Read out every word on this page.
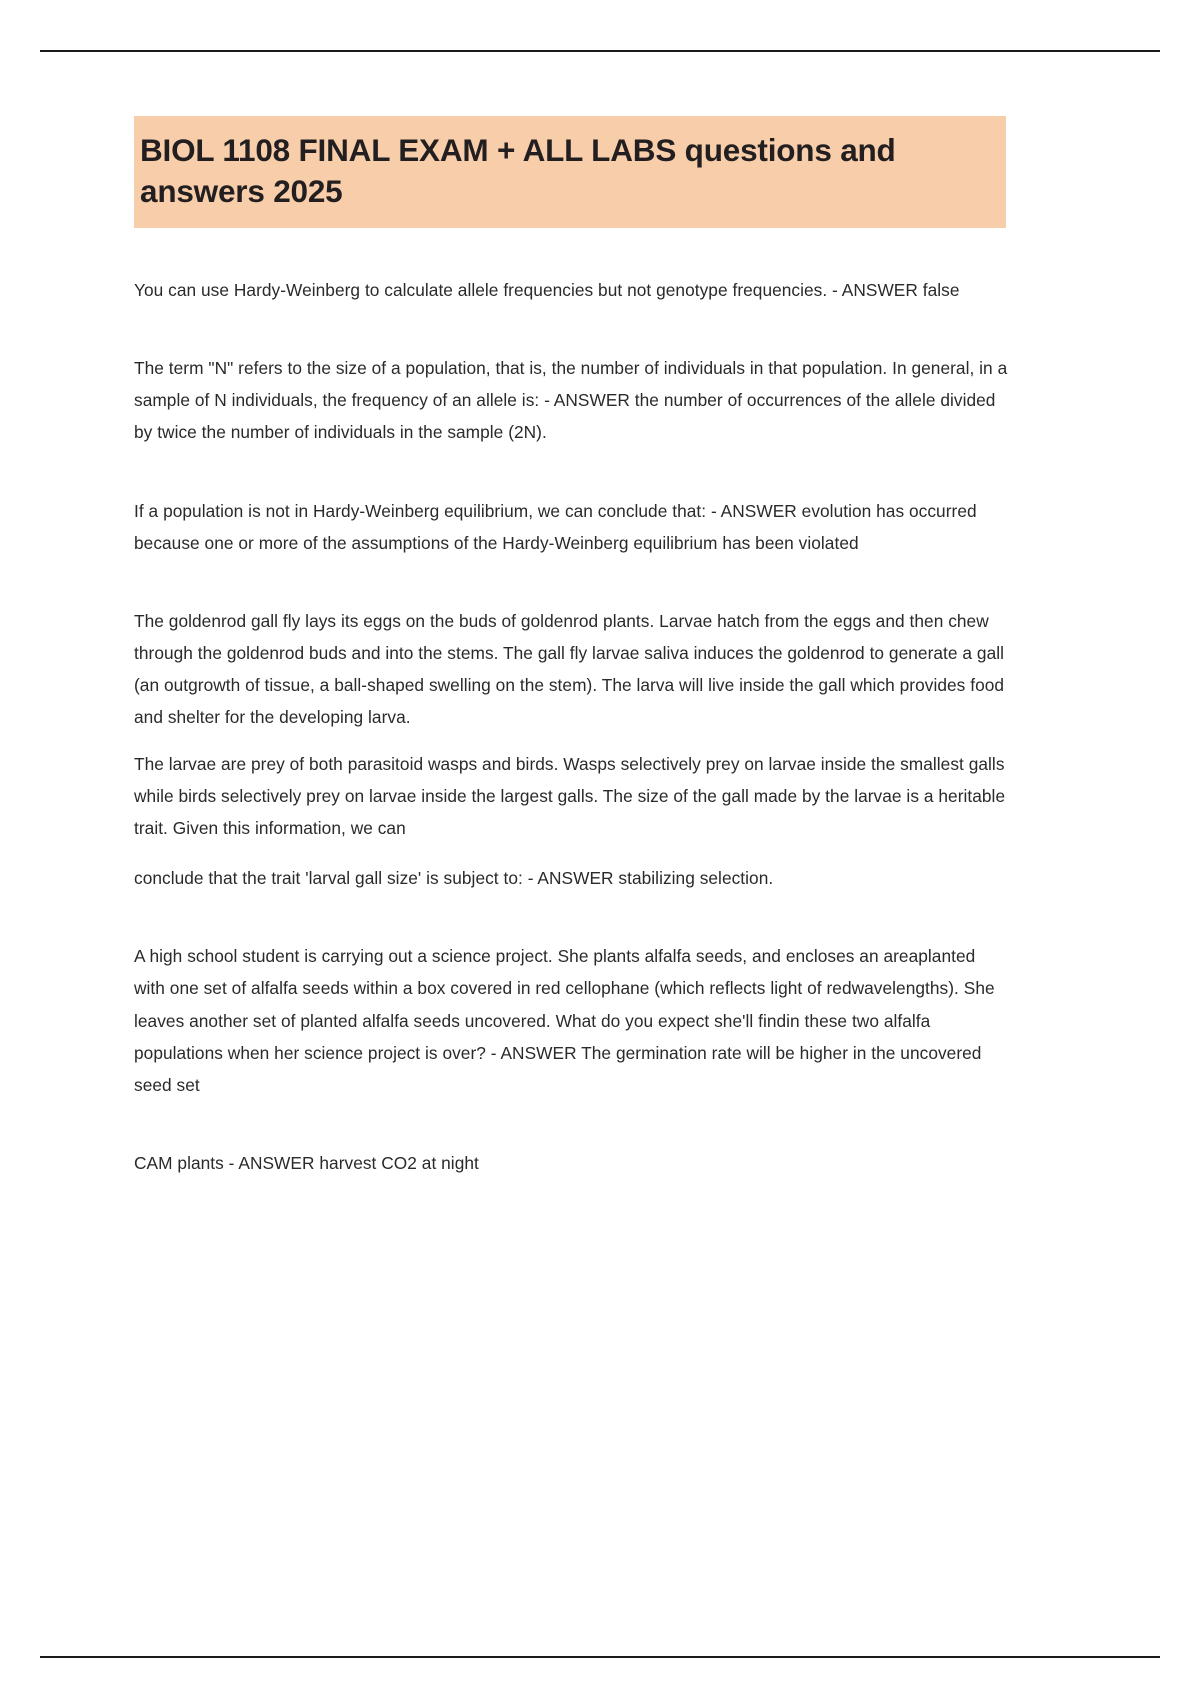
BIOL 1108 FINAL EXAM + ALL LABS questions and answers 2025

You can use Hardy-Weinberg to calculate allele frequencies but not genotype frequencies. - ANSWER false

The term "N" refers to the size of a population, that is, the number of individuals in that population. In general, in a sample of N individuals, the frequency of an allele is: - ANSWER the number of occurrences of the allele divided by twice the number of individuals in the sample (2N).

If a population is not in Hardy-Weinberg equilibrium, we can conclude that: - ANSWER evolution has occurred because one or more of the assumptions of the Hardy-Weinberg equilibrium has been violated

The goldenrod gall fly lays its eggs on the buds of goldenrod plants. Larvae hatch from the eggs and then chew through the goldenrod buds and into the stems. The gall fly larvae saliva induces the goldenrod to generate a gall (an outgrowth of tissue, a ball-shaped swelling on the stem). The larva will live inside the gall which provides food and shelter for the developing larva.

The larvae are prey of both parasitoid wasps and birds. Wasps selectively prey on larvae inside the smallest galls while birds selectively prey on larvae inside the largest galls. The size of the gall made by the larvae is a heritable trait. Given this information, we can

conclude that the trait 'larval gall size' is subject to: - ANSWER stabilizing selection.

A high school student is carrying out a science project. She plants alfalfa seeds, and encloses an areaplanted with one set of alfalfa seeds within a box covered in red cellophane (which reflects light of redwavelengths). She leaves another set of planted alfalfa seeds uncovered. What do you expect she'll findin these two alfalfa populations when her science project is over? - ANSWER The germination rate will be higher in the uncovered seed set

CAM plants - ANSWER harvest CO2 at night
